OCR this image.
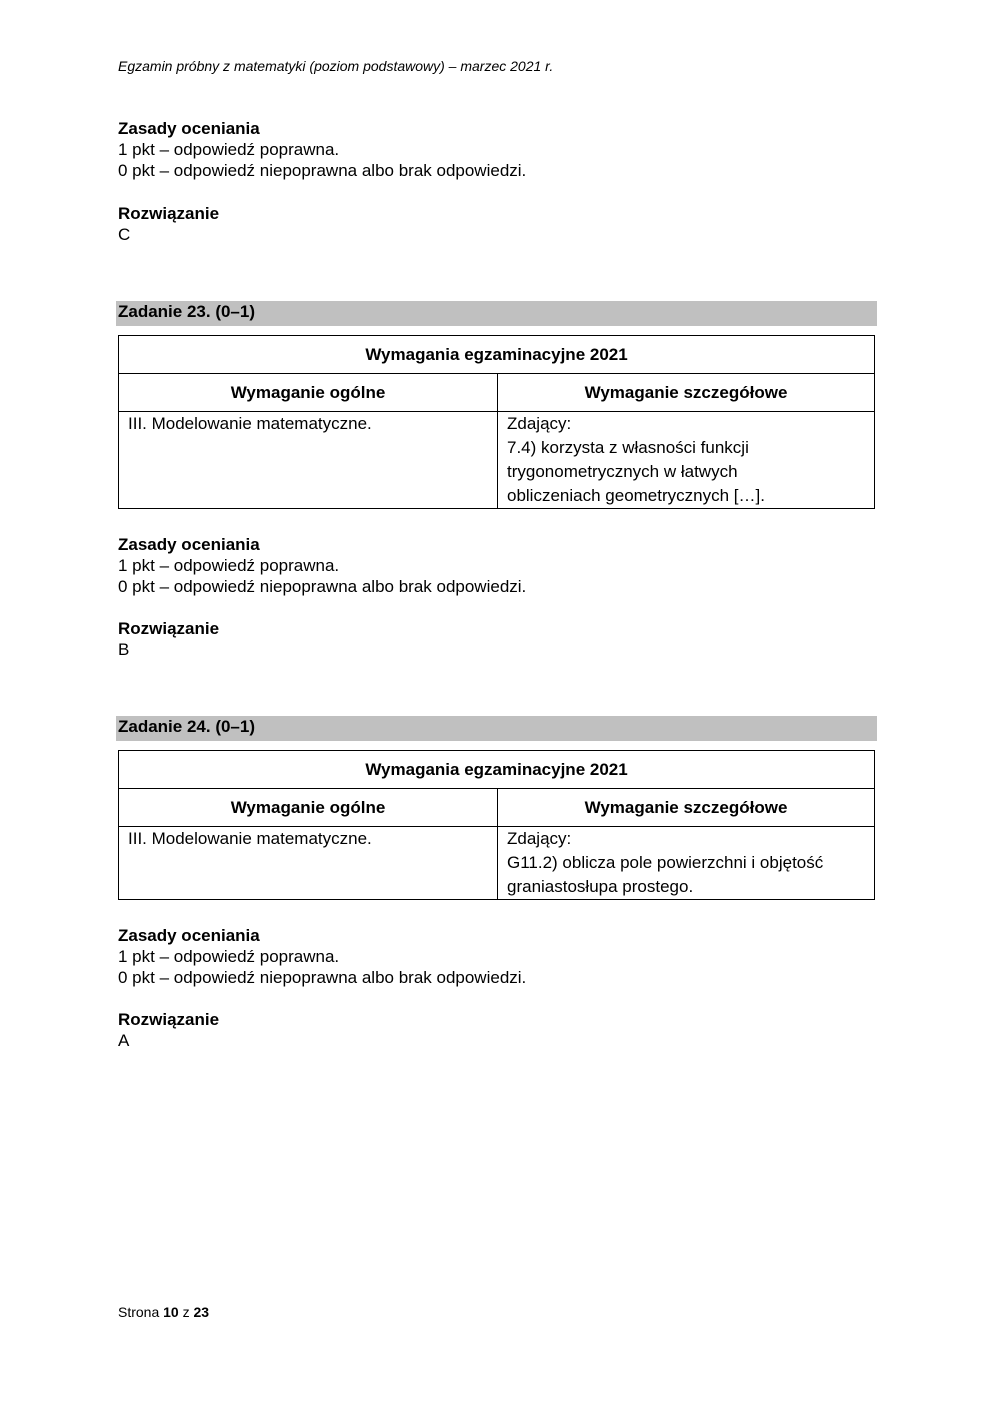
Egzamin próbny z matematyki (poziom podstawowy) – marzec 2021 r.
Zasady oceniania
1 pkt – odpowiedź poprawna.
0 pkt – odpowiedź niepoprawna albo brak odpowiedzi.
Rozwiązanie
C
Zadanie 23. (0–1)
Wymagania egzaminacyjne 2021	
Wymaganie ogólne	Wymaganie szczegółowe
III. Modelowanie matematyczne.	Zdający:
7.4) korzysta z własności funkcji
trygonometrycznych w łatwych
obliczeniach geometrycznych […].
Zasady oceniania
1 pkt – odpowiedź poprawna.
0 pkt – odpowiedź niepoprawna albo brak odpowiedzi.
Rozwiązanie
B
Zadanie 24. (0–1)
Wymagania egzaminacyjne 2021	
Wymaganie ogólne	Wymaganie szczegółowe
III. Modelowanie matematyczne.	Zdający:
G11.2) oblicza pole powierzchni i objętość
graniastosłupa prostego.
Zasady oceniania
1 pkt – odpowiedź poprawna.
0 pkt – odpowiedź niepoprawna albo brak odpowiedzi.
Rozwiązanie
A
Strona 10 z 23
